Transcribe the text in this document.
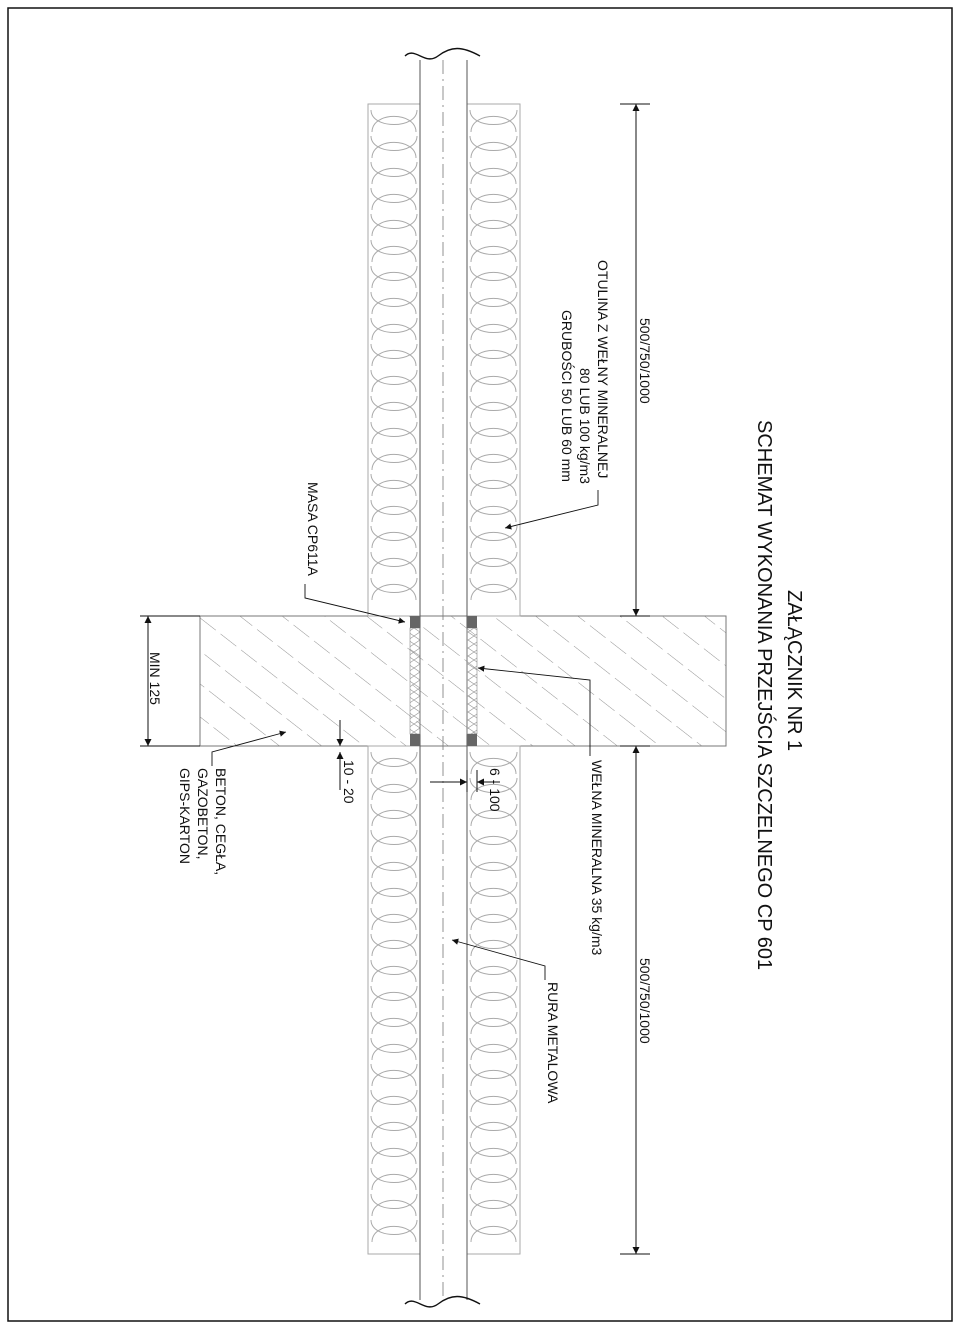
ZAŁĄCZNIK NR 1
SCHEMAT WYKONANIA PRZEJŚCIA SZCZELNEGO CP 601
500/750/1000
500/750/1000
MIN 125
10 - 20	6 - 100
OTULINA Z WEŁNY MINERALNEJ
80 LUB 100 kg/m3
GRUBOŚCI 50 LUB 60 mm
MASA CP611A
BETON, CEGŁA,
GAZOBETON,
GIPS-KARTON	WEŁNA MINERALNA 35 kg/m3
RURA METALOWA
